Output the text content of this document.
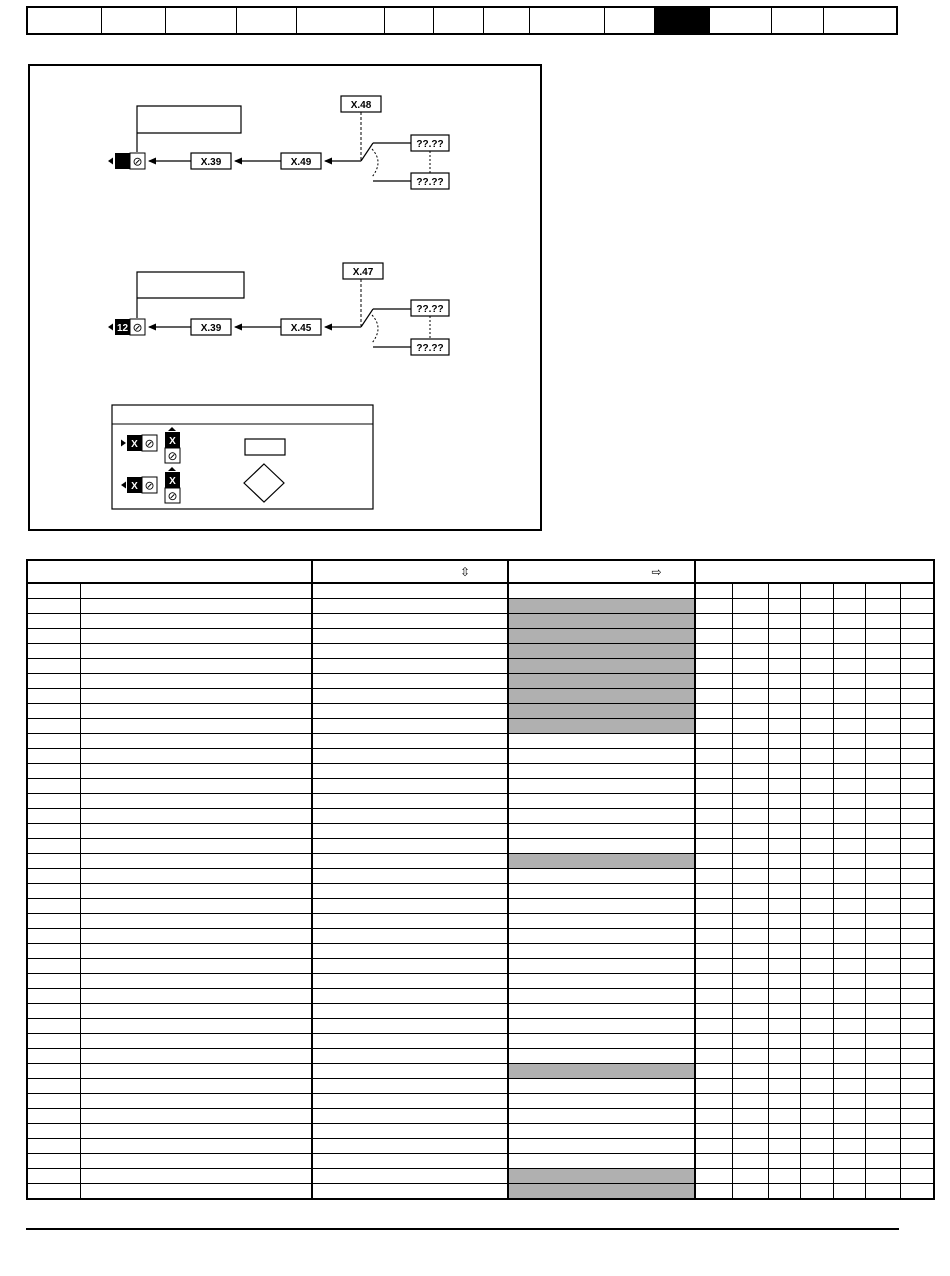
⊘	X.39	X.49
X.48
??.??
??.??
12 ⊘	X.39	X.45
X.47
??.??
??.??
X ⊘ X
⊘
X ⊘ X
⊘
		⇳	⇨							
